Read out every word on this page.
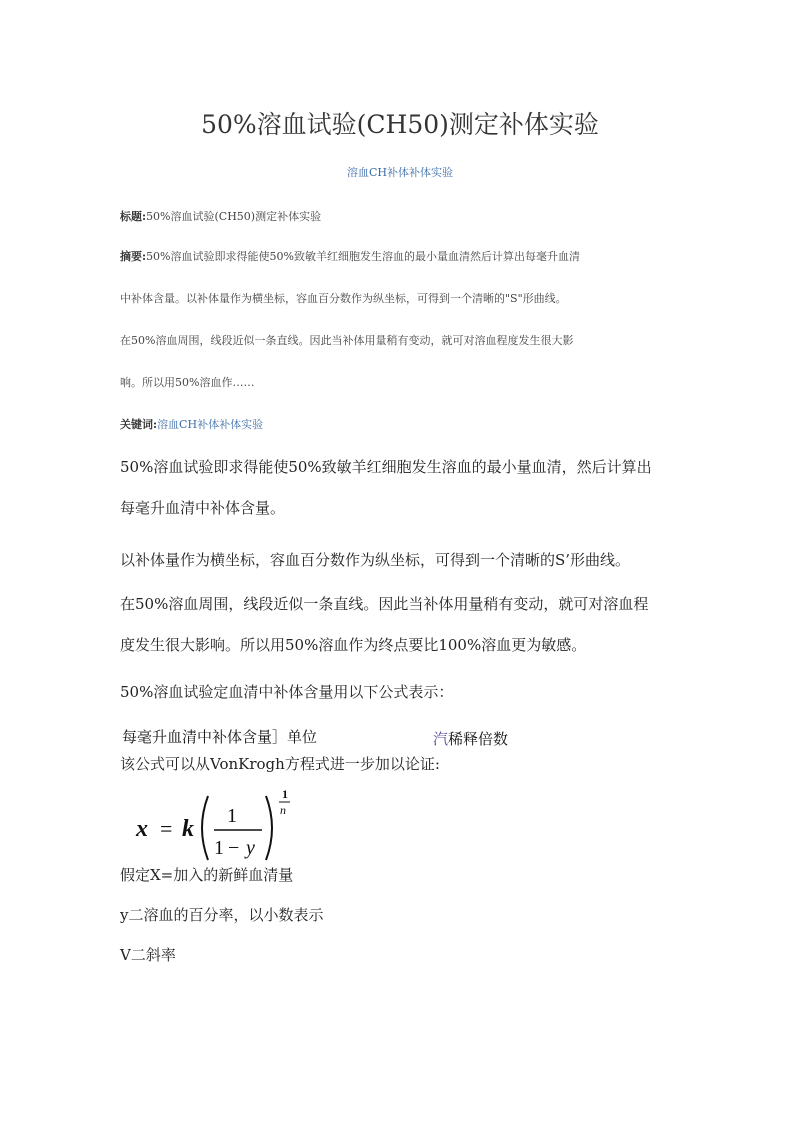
50%溶血试验(CH50)测定补体实验
溶血CH补体补体实验
标题:50%溶血试验(CH50)测定补体实验
摘要:50%溶血试验即求得能使50%致敏羊红细胞发生溶血的最小量血清然后计算出每毫升血清
中补体含量。以补体量作为横坐标，容血百分数作为纵坐标，可得到一个清晰的"S"形曲线。
在50%溶血周围，线段近似一条直线。因此当补体用量稍有变动，就可对溶血程度发生很大影
响。所以用50%溶血作……
关键词:溶血CH补体补体实验
50%溶血试验即求得能使50%致敏羊红细胞发生溶血的最小量血清，然后计算出
每毫升血清中补体含量。
以补体量作为横坐标，容血百分数作为纵坐标，可得到一个清晰的S’形曲线。
在50%溶血周围，线段近似一条直线。因此当补体用量稍有变动，就可对溶血程
度发生很大影响。所以用50%溶血作为终点要比100%溶血更为敏感。
50%溶血试验定血清中补体含量用以下公式表示：
每毫升血清中补体含量］单位	汽稀释倍数
该公式可以从VonKrogh方程式进一步加以论证:
x = k 1
1 − y
1
n
假定X=加入的新鲜血清量
y二溶血的百分率，以小数表示
V二斜率
